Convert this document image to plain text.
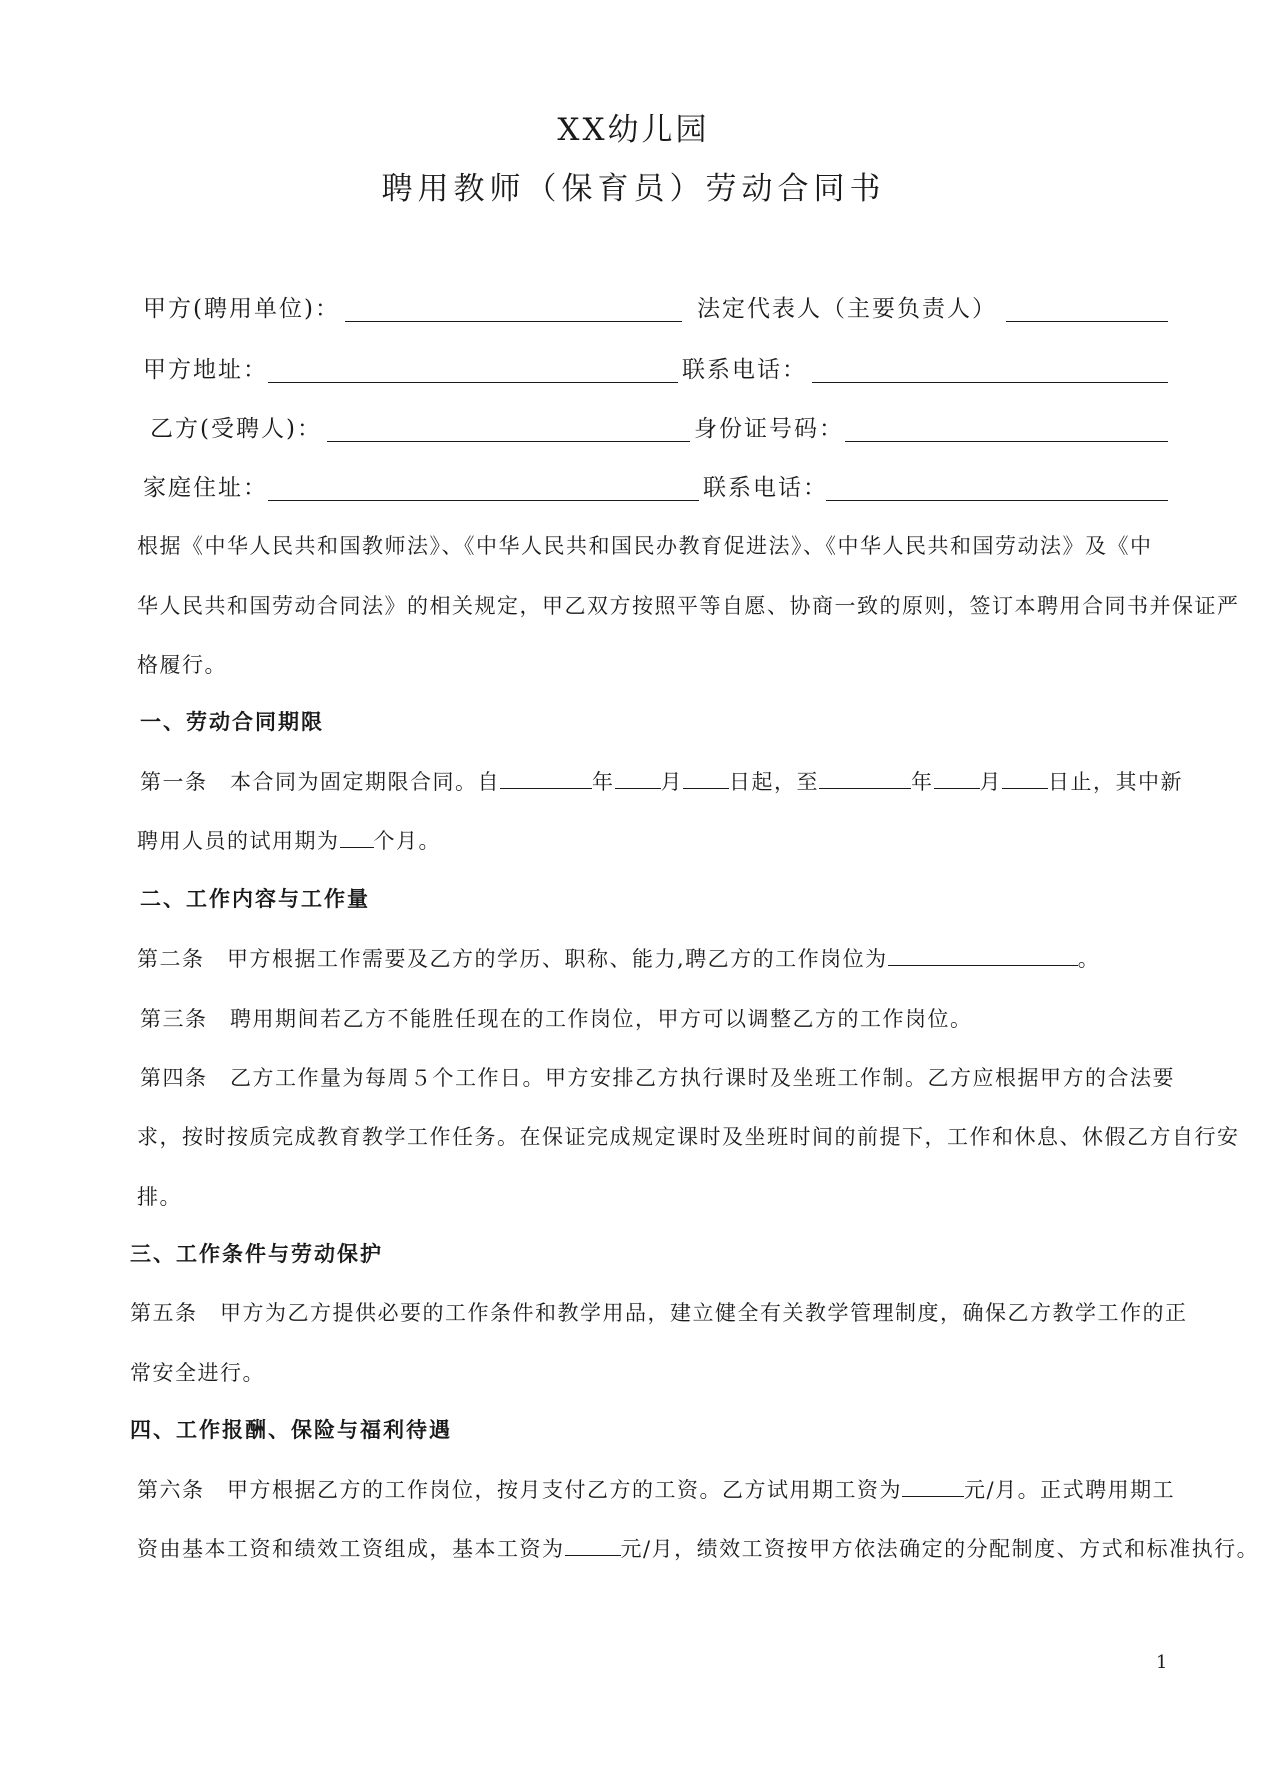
XX幼儿园
聘用教师（保育员）劳动合同书
甲方(聘用单位)：	法定代表人（主要负责人）
甲方地址：	联系电话：
乙方(受聘人)：	身份证号码：
家庭住址：	联系电话：
根据《中华人民共和国教师法》、《中华人民共和国民办教育促进法》、《中华人民共和国劳动法》及《中
华人民共和国劳动合同法》的相关规定，甲乙双方按照平等自愿、协商一致的原则，签订本聘用合同书并保证严
格履行。
一、劳动合同期限
第一条　本合同为固定期限合同。自	年 月 日起，至	年 月 日止，其中新
聘用人员的试用期为 个月。
二、工作内容与工作量
第二条　甲方根据工作需要及乙方的学历、职称、能力,聘乙方的工作岗位为	。
第三条　聘用期间若乙方不能胜任现在的工作岗位，甲方可以调整乙方的工作岗位。
第四条　乙方工作量为每周５个工作日。甲方安排乙方执行课时及坐班工作制。乙方应根据甲方的合法要
求，按时按质完成教育教学工作任务。在保证完成规定课时及坐班时间的前提下，工作和休息、休假乙方自行安
排。
三、工作条件与劳动保护
第五条　甲方为乙方提供必要的工作条件和教学用品，建立健全有关教学管理制度，确保乙方教学工作的正
常安全进行。
四、工作报酬、保险与福利待遇
第六条　甲方根据乙方的工作岗位，按月支付乙方的工资。乙方试用期工资为	元/月。正式聘用期工
资由基本工资和绩效工资组成，基本工资为	元/月，绩效工资按甲方依法确定的分配制度、方式和标准执行。
1
